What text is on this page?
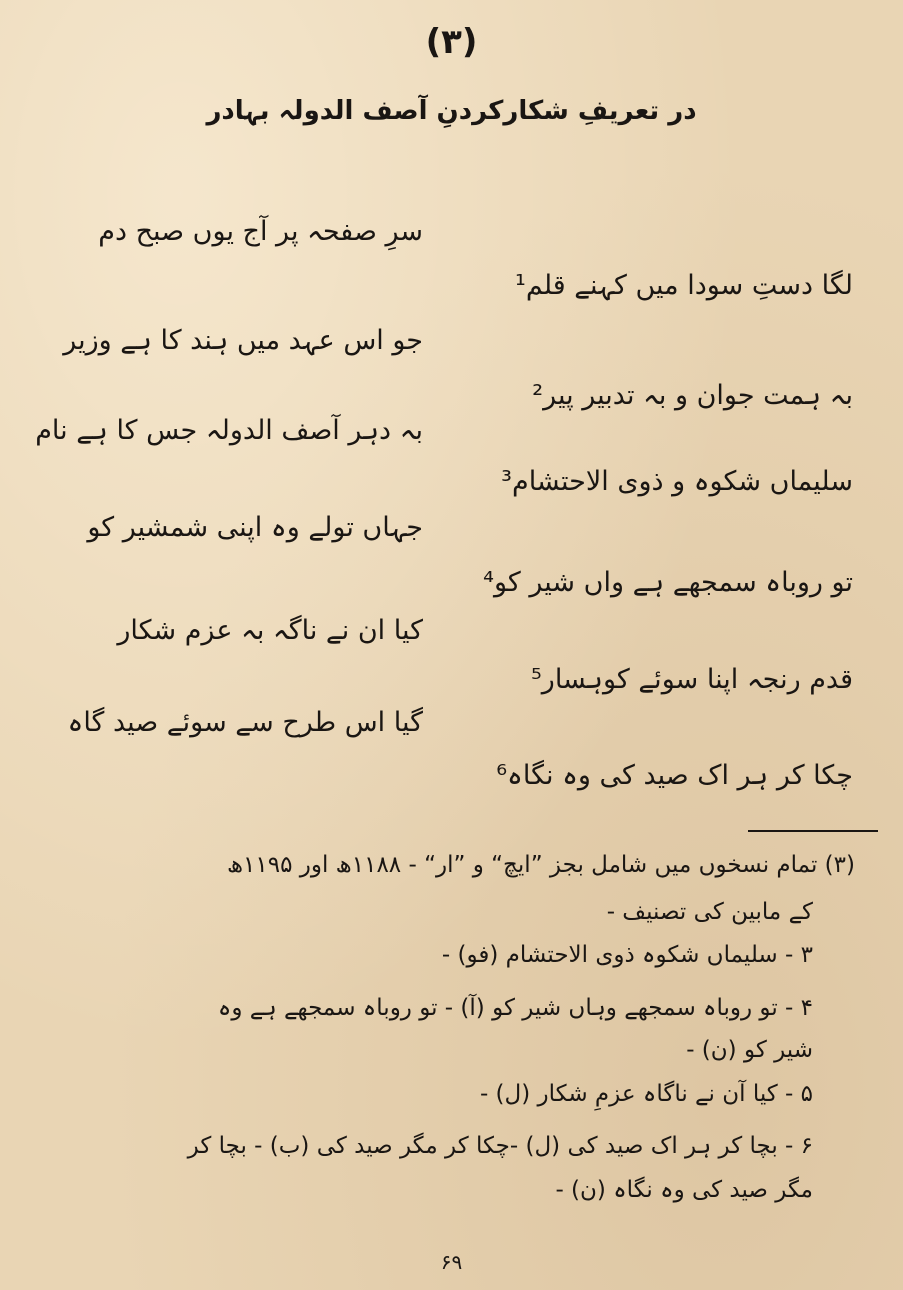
(۳)
در تعریفِ شکارکردنِ آصف الدولہ بہادر
سرِ صفحہ پر آج یوں صبح دم
لگا دستِ سودا میں کہنے قلم¹
جو اس عہد میں ہند کا ہے وزیر
بہ ہمت جوان و بہ تدبیر پیر²
بہ دہر آصف الدولہ جس کا ہے نام
سلیماں شکوہ و ذوی الاحتشام³
جہاں تولے وہ اپنی شمشیر کو
تو روباہ سمجھے ہے واں شیر کو⁴
کیا ان نے ناگہ بہ عزم شکار
قدم رنجہ اپنا سوئے کوہسار⁵
گیا اس طرح سے سوئے صید گاہ
چکا کر ہر اک صید کی وہ نگاہ⁶
(۳) تمام نسخوں میں شامل بجز ”ایچ“ و ”ار“ - ۱۱۸۸ھ اور ۱۱۹۵ھ
کے مابین کی تصنیف -
۳ - سلیماں شکوہ ذوی الاحتشام (فو) -
۴ - تو روباہ سمجھے وہاں شیر کو (آ) - تو روباہ سمجھے ہے وہ
شیر کو (ن) -
۵ - کیا آن نے ناگاہ عزمِ شکار (ل) -
۶ - بچا کر ہر اک صید کی (ل) -چکا کر مگر صید کی (ب) - بچا کر
مگر صید کی وہ نگاہ (ن) -
۶۹
